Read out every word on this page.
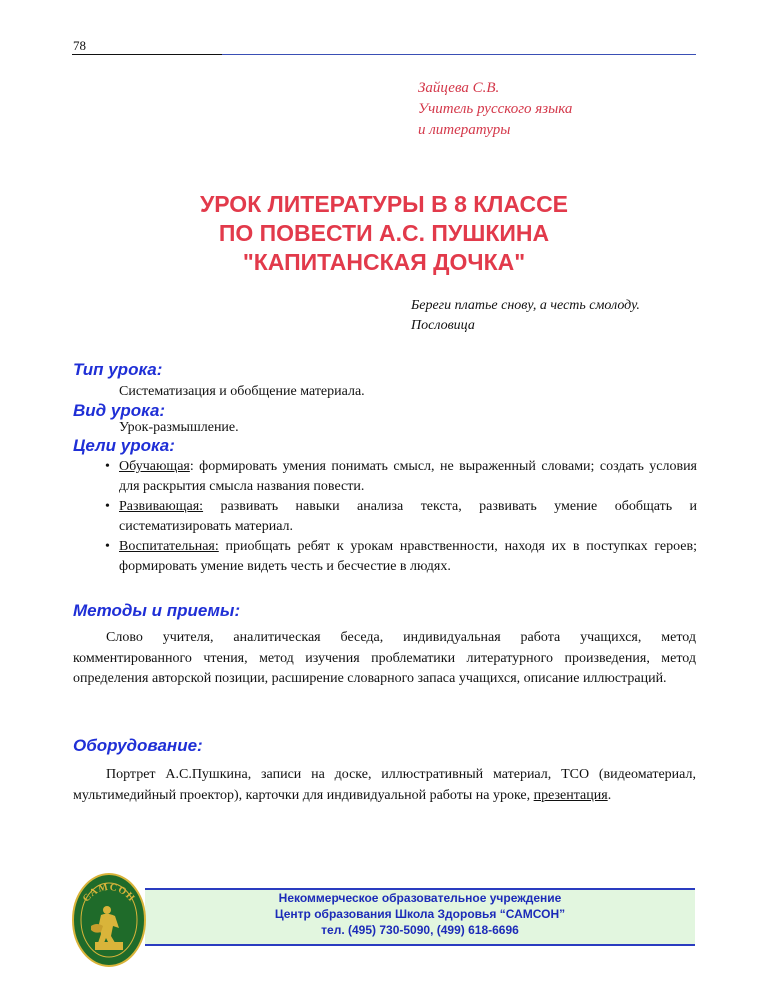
78
Зайцева С.В.
Учитель русского языка
и литературы
УРОК ЛИТЕРАТУРЫ В 8 КЛАССЕ
ПО ПОВЕСТИ А.С. ПУШКИНА
"КАПИТАНСКАЯ ДОЧКА"
Береги платье снову, а честь смолоду.
Пословица
Тип урока:
Систематизация и обобщение материала.
Вид урока:
Урок-размышление.
Цели урока:
• Обучающая: формировать умения понимать смысл, не выраженный словами; создать условия для раскрытия смысла названия повести.
• Развивающая: развивать навыки анализа текста, развивать умение обобщать и систематизировать материал.
• Воспитательная: приобщать ребят к урокам нравственности, находя их в поступках героев; формировать умение видеть честь и бесчестие в людях.
Методы и приемы:
Слово учителя, аналитическая беседа, индивидуальная работа учащихся, метод комментированного чтения, метод изучения проблематики литературного произведения, метод определения авторской позиции, расширение словарного запаса учащихся, описание иллюстраций.
Оборудование:
Портрет А.С.Пушкина, записи на доске, иллюстративный материал, ТСО (видеоматериал, мультимедийный проектор), карточки для индивидуальной работы на уроке, презентация.
Некоммерческое образовательное учреждение
Центр образования Школа Здоровья “САМСОН”
тел. (495) 730-5090, (499) 618-6696
САМСОН
